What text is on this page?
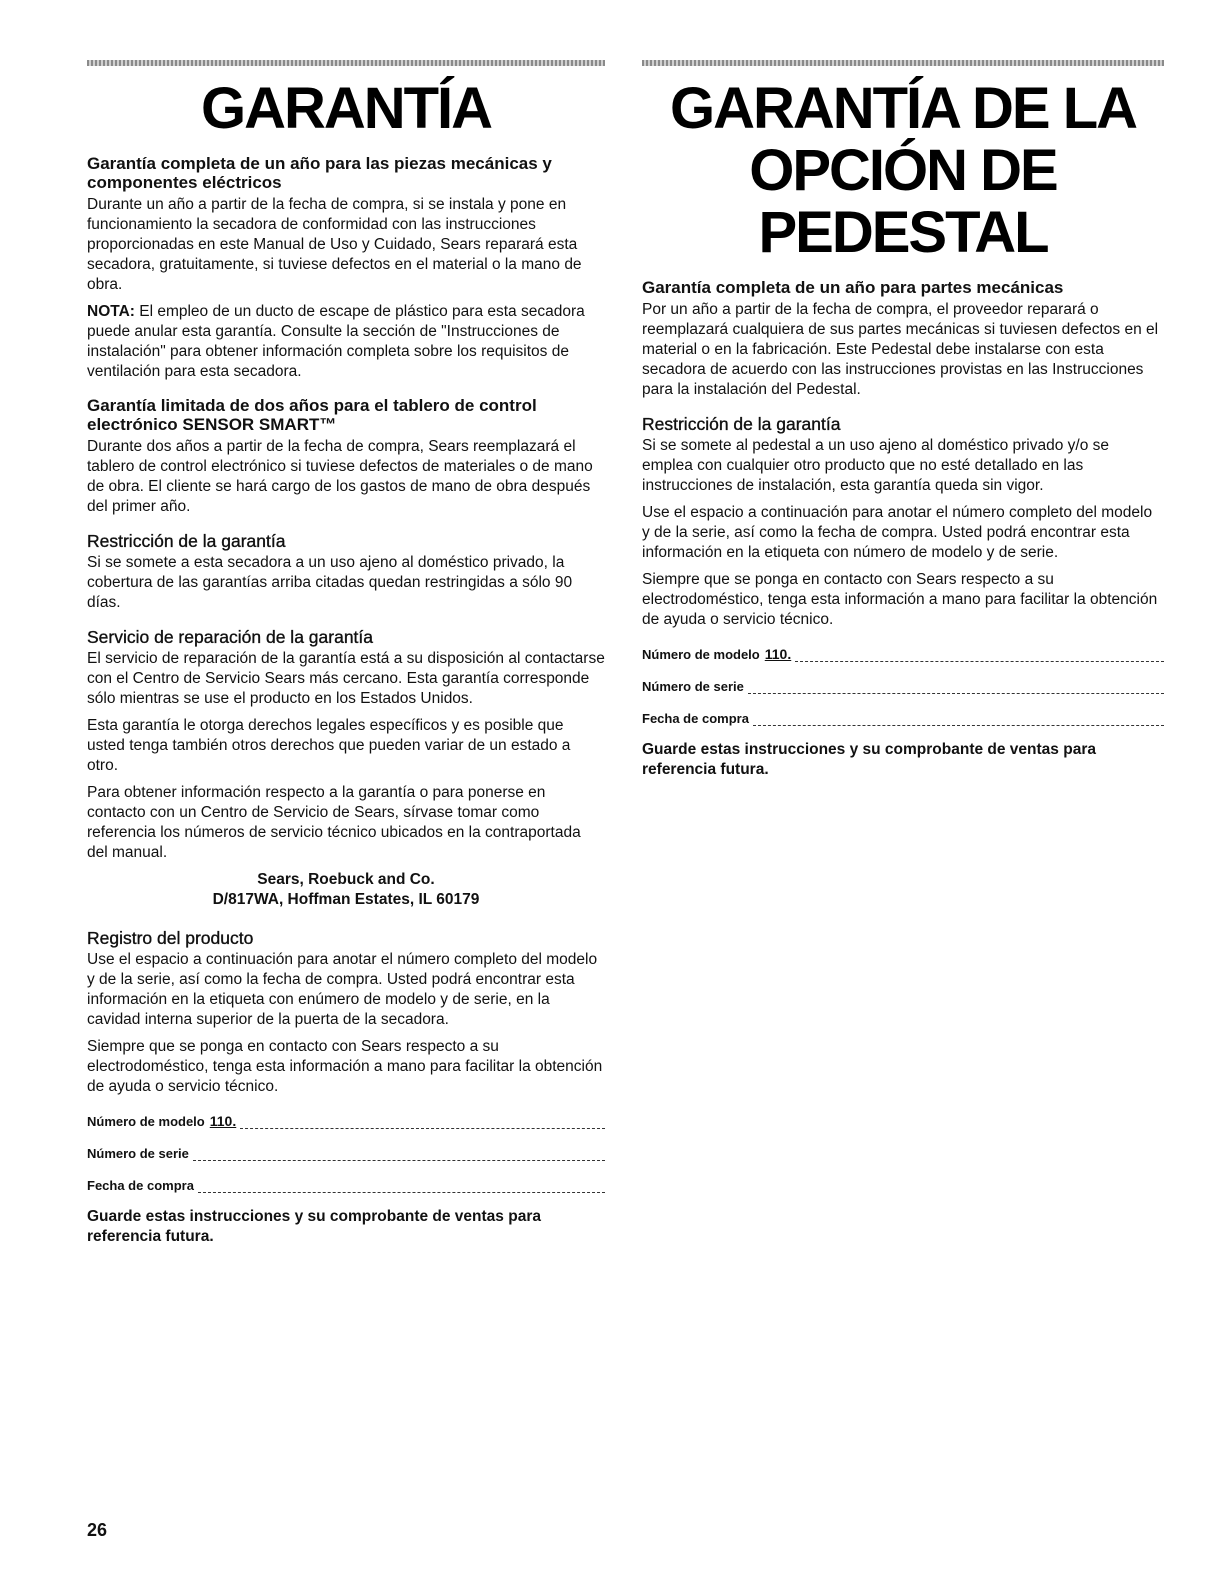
GARANTÍA
Garantía completa de un año para las piezas mecánicas y componentes eléctricos

Durante un año a partir de la fecha de compra, si se instala y pone en funcionamiento la secadora de conformidad con las instrucciones proporcionadas en este Manual de Uso y Cuidado, Sears reparará esta secadora, gratuitamente, si tuviese defectos en el material o la mano de obra.

NOTA: El empleo de un ducto de escape de plástico para esta secadora puede anular esta garantía. Consulte la sección de "Instrucciones de instalación" para obtener información completa sobre los requisitos de ventilación para esta secadora.

Garantía limitada de dos años para el tablero de control electrónico SENSOR SMART™

Durante dos años a partir de la fecha de compra, Sears reemplazará el tablero de control electrónico si tuviese defectos de materiales o de mano de obra. El cliente se hará cargo de los gastos de mano de obra después del primer año.

Restricción de la garantía

Si se somete a esta secadora a un uso ajeno al doméstico privado, la cobertura de las garantías arriba citadas quedan restringidas a sólo 90 días.

Servicio de reparación de la garantía

El servicio de reparación de la garantía está a su disposición al contactarse con el Centro de Servicio Sears más cercano. Esta garantía corresponde sólo mientras se use el producto en los Estados Unidos.

Esta garantía le otorga derechos legales específicos y es posible que usted tenga también otros derechos que pueden variar de un estado a otro.

Para obtener información respecto a la garantía o para ponerse en contacto con un Centro de Servicio de Sears, sírvase tomar como referencia los números de servicio técnico ubicados en la contraportada del manual.

Sears, Roebuck and Co.
D/817WA, Hoffman Estates, IL 60179
Registro del producto

Use el espacio a continuación para anotar el número completo del modelo y de la serie, así como la fecha de compra. Usted podrá encontrar esta información en la etiqueta con enúmero de modelo y de serie, en la cavidad interna superior de la puerta de la secadora.

Siempre que se ponga en contacto con Sears respecto a su electrodoméstico, tenga esta información a mano para facilitar la obtención de ayuda o servicio técnico.

Número de modelo 110.
Número de serie
Fecha de compra

Guarde estas instrucciones y su comprobante de ventas para referencia futura.

GARANTÍA DE LA
OPCIÓN DE PEDESTAL
Garantía completa de un año para partes mecánicas

Por un año a partir de la fecha de compra, el proveedor reparará o reemplazará cualquiera de sus partes mecánicas si tuviesen defectos en el material o en la fabricación. Este Pedestal debe instalarse con esta secadora de acuerdo con las instrucciones provistas en las Instrucciones para la instalación del Pedestal.

Restricción de la garantía

Si se somete al pedestal a un uso ajeno al doméstico privado y/o se emplea con cualquier otro producto que no esté detallado en las instrucciones de instalación, esta garantía queda sin vigor.

Use el espacio a continuación para anotar el número completo del modelo y de la serie, así como la fecha de compra. Usted podrá encontrar esta información en la etiqueta con número de modelo y de serie.

Siempre que se ponga en contacto con Sears respecto a su electrodoméstico, tenga esta información a mano para facilitar la obtención de ayuda o servicio técnico.

Número de modelo 110.
Número de serie
Fecha de compra

Guarde estas instrucciones y su comprobante de ventas para referencia futura.

26
